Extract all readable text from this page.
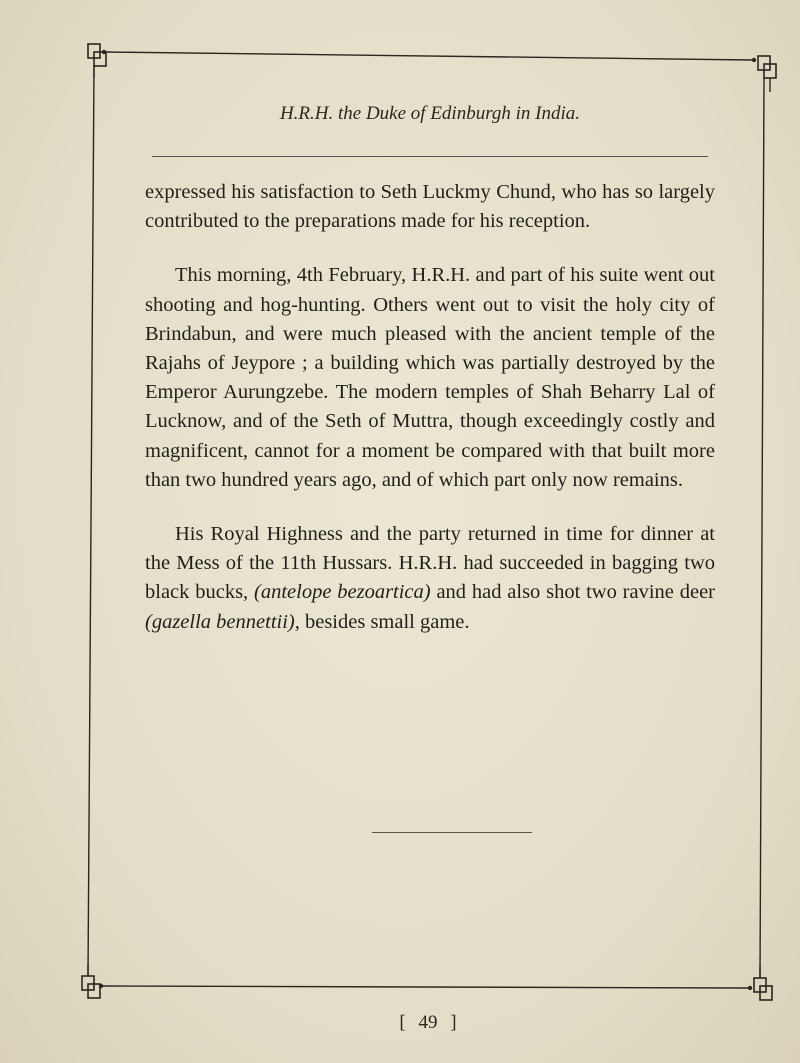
H.R.H. the Duke of Edinburgh in India.

expressed his satisfaction to Seth Luckmy Chund, who has so largely contributed to the preparations made for his reception.

This morning, 4th February, H.R.H. and part of his suite went out shooting and hog-hunting. Others went out to visit the holy city of Brindabun, and were much pleased with the ancient temple of the Rajahs of Jeypore ; a building which was partially destroyed by the Emperor Aurungzebe. The modern temples of Shah Beharry Lal of Lucknow, and of the Seth of Muttra, though exceedingly costly and magnificent, cannot for a moment be compared with that built more than two hundred years ago, and of which part only now remains.

His Royal Highness and the party returned in time for dinner at the Mess of the 11th Hussars. H.R.H. had succeeded in bagging two black bucks, (antelope bezoartica) and had also shot two ravine deer (gazella bennettii), besides small game.

[ 49 ]
